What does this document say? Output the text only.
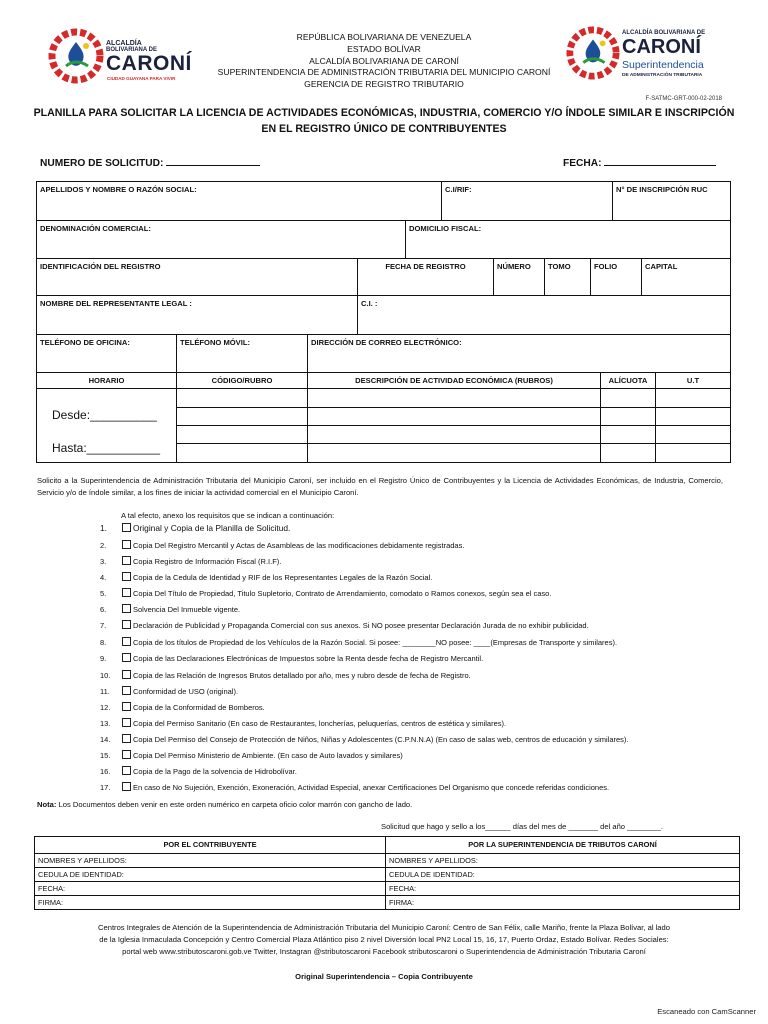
ALCALDÍA
BOLIVARIANA DE
CARONÍ
CIUDAD GUAYANA PARA VIVIR
ALCALDÍA BOLIVARIANA DE
CARONÍ
Superintendencia
DE ADMINISTRACIÓN TRIBUTARIA
REPÚBLICA BOLIVARIANA DE VENEZUELA
ESTADO BOLÍVAR
ALCALDÍA BOLIVARIANA DE CARONÍ
SUPERINTENDENCIA DE ADMINISTRACIÓN TRIBUTARIA DEL MUNICIPIO CARONÍ
GERENCIA DE REGISTRO TRIBUTARIO
F-SATMC-GRT-000-02-2018
PLANILLA PARA SOLICITAR LA LICENCIA DE ACTIVIDADES ECONÓMICAS, INDUSTRIA, COMERCIO Y/O ÍNDOLE SIMILAR E INSCRIPCIÓN
EN EL REGISTRO ÚNICO DE CONTRIBUYENTES
NUMERO DE SOLICITUD:	FECHA:
APELLIDOS Y NOMBRE O RAZÓN SOCIAL:	C.I/RIF:	N° DE INSCRIPCIÓN RUC
DENOMINACIÓN COMERCIAL:	DOMICILIO FISCAL:
IDENTIFICACIÓN DEL REGISTRO	FECHA DE REGISTRO	NÚMERO	TOMO	FOLIO	CAPITAL
NOMBRE DEL REPRESENTANTE LEGAL :	C.I. :
TELÉFONO DE OFICINA:	TELÉFONO MÓVIL:	DIRECCIÓN DE CORREO ELECTRÓNICO:
HORARIO	CÓDIGO/RUBRO	DESCRIPCIÓN DE ACTIVIDAD ECONÓMICA (RUBROS)	ALÍCUOTA	U.T
Desde:__________
Hasta:___________
Solicito a la Superintendencia de Administración Tributaria del Municipio Caroní, ser incluido en el Registro Único de Contribuyentes y la Licencia de Actividades Económicas, de Industria, Comercio, Servicio y/o de índole similar, a los fines de iniciar la actividad comercial en el Municipio Caroní.
A tal efecto, anexo los requisitos que se indican a continuación:
1.	Original y Copia de la Planilla de Solicitud.
2.	Copia Del Registro Mercantil y Actas de Asambleas de las modificaciones debidamente registradas.
3.	Copia Registro de Información Fiscal (R.I.F).
4.	Copia de la Cedula de Identidad y RIF de los Representantes Legales de la Razón Social.
5.	Copia Del Título de Propiedad, Titulo Supletorio, Contrato de Arrendamiento, comodato o Ramos conexos, según sea el caso.
6.	Solvencia Del Inmueble vigente.
7.	Declaración de Publicidad y Propaganda Comercial con sus anexos. Si NO posee presentar Declaración Jurada de no exhibir publicidad.
8.	Copia de los títulos de Propiedad de los Vehículos de la Razón Social. Si posee: ________NO posee: ____(Empresas de Transporte y similares).
9.	Copia de las Declaraciones Electrónicas de Impuestos sobre la Renta desde fecha de Registro Mercantil.
10.	Copia de las Relación de Ingresos Brutos detallado por año, mes y rubro desde de fecha de Registro.
11.	Conformidad de USO (original).
12.	Copia de la Conformidad de Bomberos.
13.	Copia del Permiso Sanitario (En caso de Restaurantes, loncherías, peluquerías, centros de estética y similares).
14.	Copia Del Permiso del Consejo de Protección de Niños, Niñas y Adolescentes (C.P.N.N.A) (En caso de salas web, centros de educación y similares).
15.	Copia Del Permiso Ministerio de Ambiente. (En caso de Auto lavados y similares)
16.	Copia de la Pago de la solvencia de Hidrobolívar.
17.	En caso de No Sujeción, Exención, Exoneración, Actividad Especial, anexar Certificaciones Del Organismo que concede referidas condiciones.
Nota: Los Documentos deben venir en este orden numérico en carpeta oficio color marrón con gancho de lado.
Solicitud que hago y sello a los______ días del mes de _______ del año ________.
POR EL CONTRIBUYENTE	POR LA SUPERINTENDENCIA DE TRIBUTOS CARONÍ
NOMBRES Y APELLIDOS:	NOMBRES Y APELLIDOS:
CEDULA DE IDENTIDAD:	CEDULA DE IDENTIDAD:
FECHA:	FECHA:
FIRMA:	FIRMA:
Centros Integrales de Atención de la Superintendencia de Administración Tributaria del Municipio Caroní: Centro de San Félix, calle Mariño, frente la Plaza Bolívar, al lado
de la Iglesia Inmaculada Concepción y Centro Comercial Plaza Atlántico piso 2 nivel Diversión local PN2 Local 15, 16, 17, Puerto Ordaz, Estado Bolívar. Redes Sociales:
portal web www.stributoscaroni.gob.ve Twitter, Instagran @stributoscaroni Facebook stributoscaroni o Superintendencia de Administración Tributaria Caroní
Original Superintendencia – Copia Contribuyente
Escaneado con CamScanner
